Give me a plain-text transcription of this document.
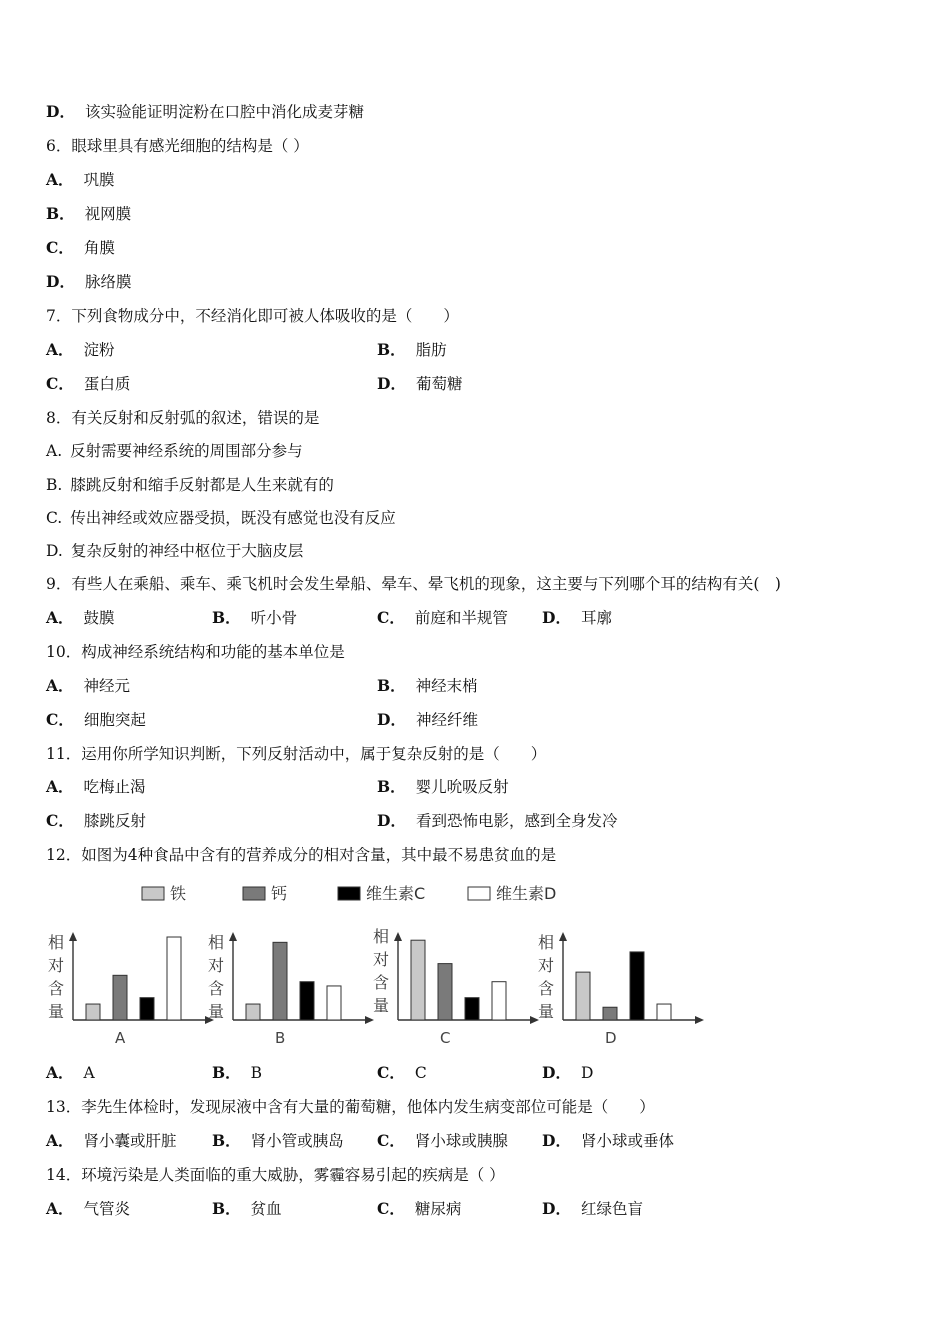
D． 该实验能证明淀粉在口腔中消化成麦芽糖
6．眼球里具有感光细胞的结构是（ ）
A． 巩膜
B． 视网膜
C． 角膜
D． 脉络膜
7．下列食物成分中，不经消化即可被人体吸收的是（　　）
A． 淀粉	B． 脂肪
C． 蛋白质	D． 葡萄糖
8．有关反射和反射弧的叙述，错误的是
A. 反射需要神经系统的周围部分参与
B. 膝跳反射和缩手反射都是人生来就有的
C. 传出神经或效应器受损，既没有感觉也没有反应
D. 复杂反射的神经中枢位于大脑皮层
9．有些人在乘船、乘车、乘飞机时会发生晕船、晕车、晕飞机的现象，这主要与下列哪个耳的结构有关(　)
A． 鼓膜	B． 听小骨	C． 前庭和半规管 D． 耳廓
10．构成神经系统结构和功能的基本单位是
A． 神经元	B． 神经末梢
C． 细胞突起	D． 神经纤维
11．运用你所学知识判断，下列反射活动中，属于复杂反射的是（　　）
A． 吃梅止渴	B． 婴儿吮吸反射
C． 膝跳反射	D． 看到恐怖电影，感到全身发冷
12．如图为4种食品中含有的营养成分的相对含量，其中最不易患贫血的是
铁	钙	维生素C	维生素D
相
对
含
量
A
相
对
含
量
B
相
对
含
量
C
相
对
含
量
D
A． A	B． B	C． C	D． D
13．李先生体检时，发现尿液中含有大量的葡萄糖，他体内发生病变部位可能是（　　）
A． 肾小囊或肝脏 B． 肾小管或胰岛 C． 肾小球或胰腺 D． 肾小球或垂体
14．环境污染是人类面临的重大威胁，雾霾容易引起的疾病是（ ）
A． 气管炎	B． 贫血	C． 糖尿病	D． 红绿色盲
